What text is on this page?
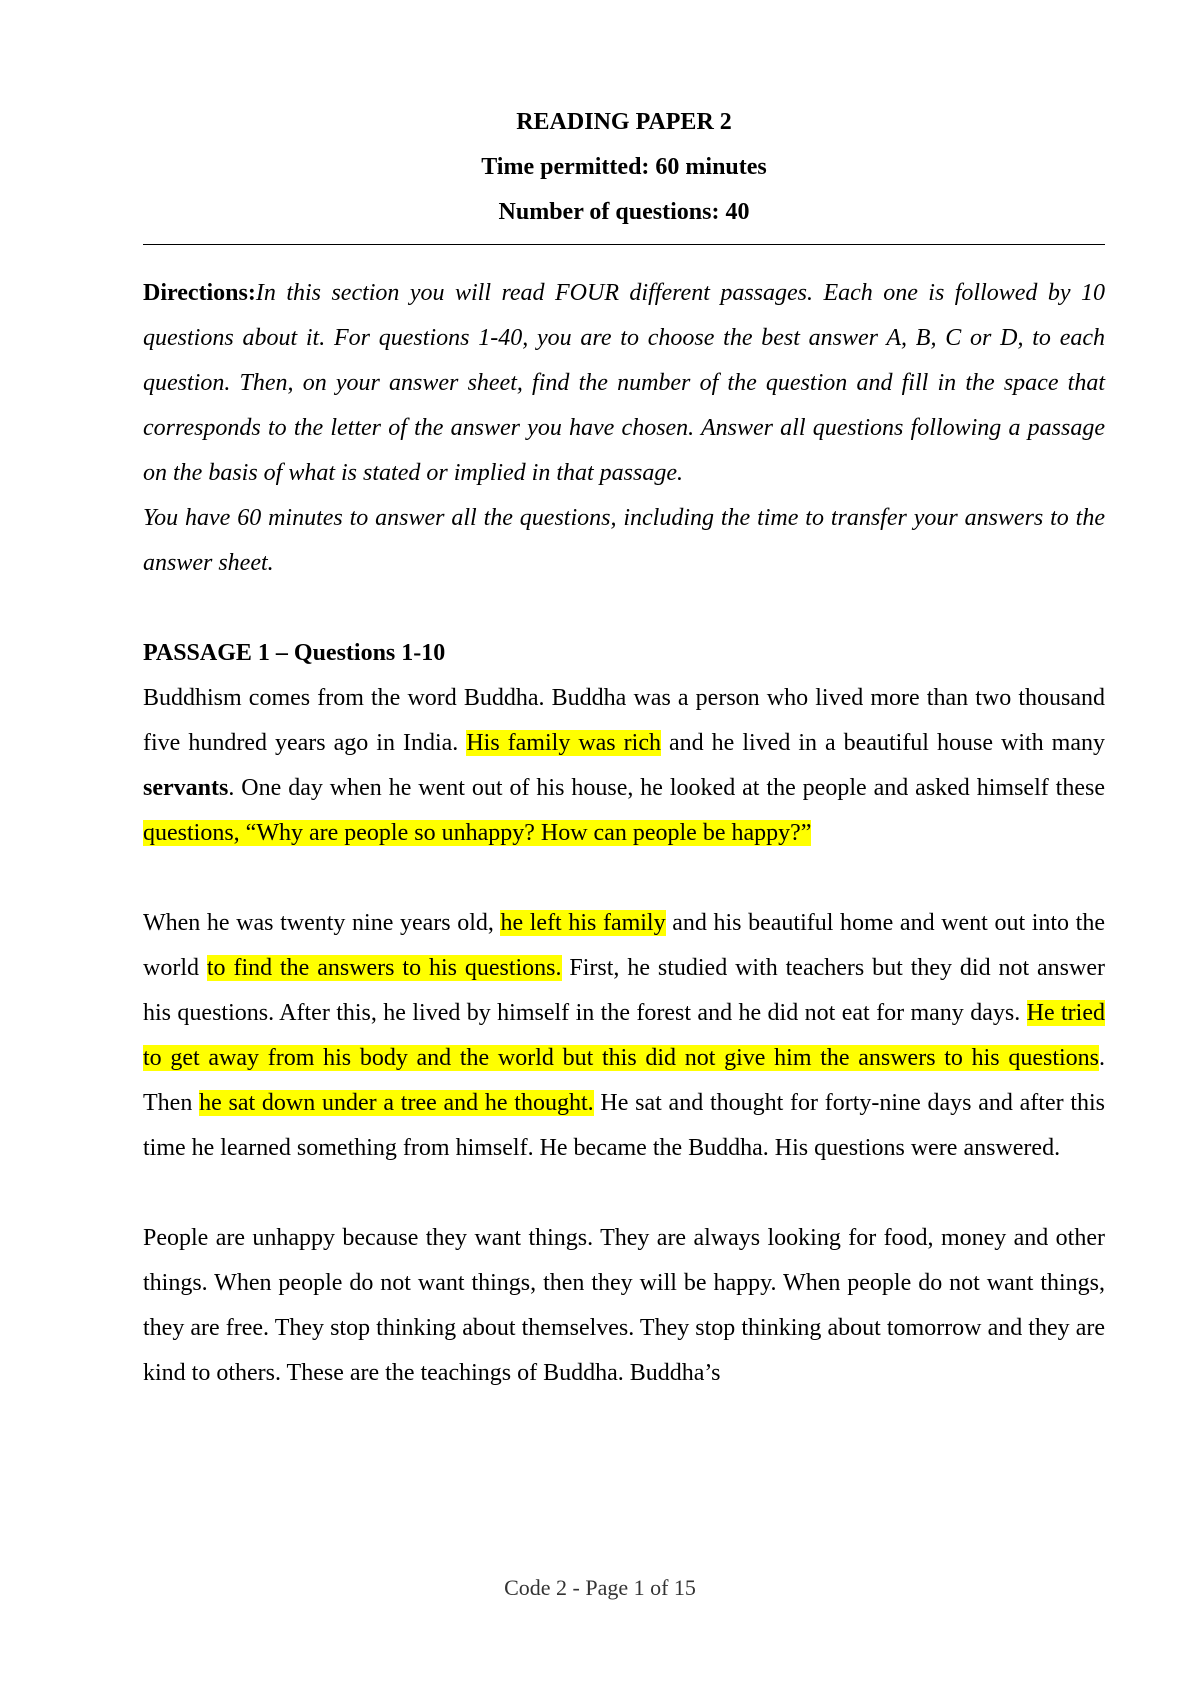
READING PAPER 2
Time permitted: 60 minutes
Number of questions: 40

Directions:In this section you will read FOUR different passages. Each one is followed by 10 questions about it. For questions 1-40, you are to choose the best answer A, B, C or D, to each question. Then, on your answer sheet, find the number of the question and fill in the space that corresponds to the letter of the answer you have chosen. Answer all questions following a passage on the basis of what is stated or implied in that passage.

You have 60 minutes to answer all the questions, including the time to transfer your answers to the answer sheet.

PASSAGE 1 – Questions 1-10

Buddhism comes from the word Buddha. Buddha was a person who lived more than two thousand five hundred years ago in India. His family was rich and he lived in a beautiful house with many servants. One day when he went out of his house, he looked at the people and asked himself these questions, “Why are people so unhappy? How can people be happy?”

When he was twenty nine years old, he left his family and his beautiful home and went out into the world to find the answers to his questions. First, he studied with teachers but they did not answer his questions. After this, he lived by himself in the forest and he did not eat for many days. He tried to get away from his body and the world but this did not give him the answers to his questions. Then he sat down under a tree and he thought. He sat and thought for forty-nine days and after this time he learned something from himself. He became the Buddha. His questions were answered.

People are unhappy because they want things. They are always looking for food, money and other things. When people do not want things, then they will be happy. When people do not want things, they are free. They stop thinking about themselves. They stop thinking about tomorrow and they are kind to others. These are the teachings of Buddha. Buddha’s

Code 2 - Page 1 of 15
